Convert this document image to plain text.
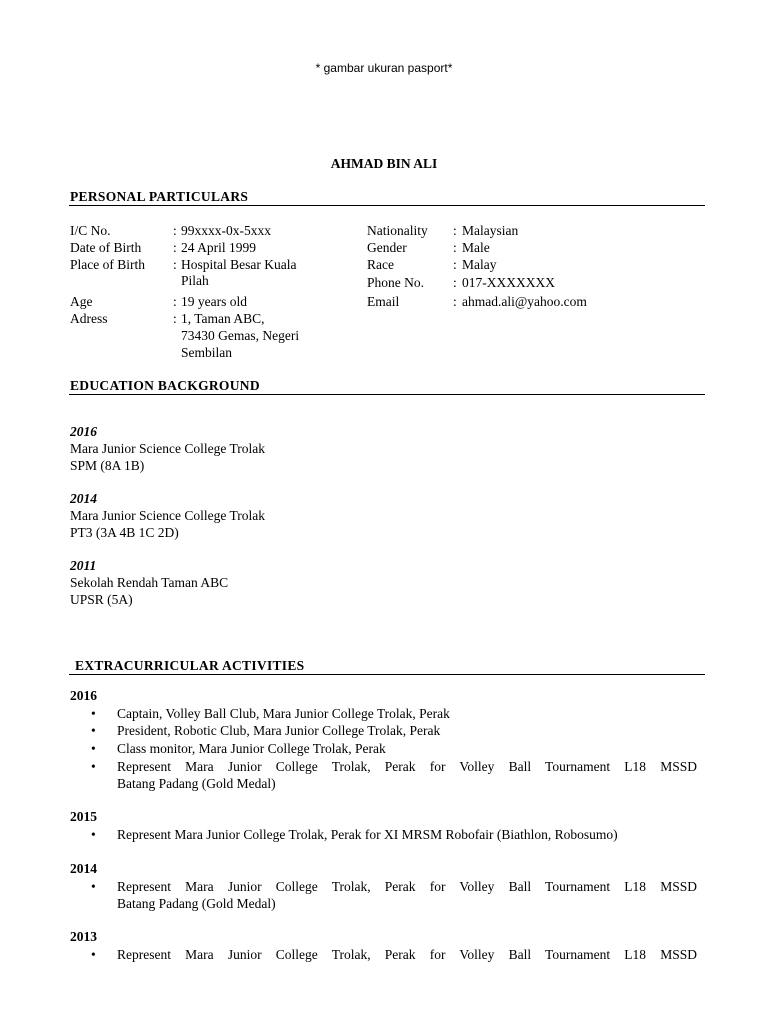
* gambar ukuran pasport*
AHMAD BIN ALI
PERSONAL PARTICULARS
I/C No.	: 99xxxx-0x-5xxx
Date of Birth : 24 April 1999
Place of Birth : Hospital Besar Kuala
Pilah
Age	: 19 years old
Adress	: 1, Taman ABC,
73430 Gemas, Negeri
Sembilan
Nationality : Malaysian
Gender	: Male
Race	: Malay
Phone No. : 017-XXXXXXX
Email	: ahmad.ali@yahoo.com
EDUCATION BACKGROUND
2016
Mara Junior Science College Trolak
SPM (8A 1B)
2014
Mara Junior Science College Trolak
PT3 (3A 4B 1C 2D)
2011
Sekolah Rendah Taman ABC
UPSR (5A)
EXTRACURRICULAR ACTIVITIES
2016
• Captain, Volley Ball Club, Mara Junior College Trolak, Perak
• President, Robotic Club, Mara Junior College Trolak, Perak
• Class monitor, Mara Junior College Trolak, Perak
• Represent Mara Junior College Trolak, Perak for Volley Ball Tournament L18 MSSD
Batang Padang (Gold Medal)
2015
• Represent Mara Junior College Trolak, Perak for XI MRSM Robofair (Biathlon, Robosumo)
2014
• Represent Mara Junior College Trolak, Perak for Volley Ball Tournament L18 MSSD
Batang Padang (Gold Medal)
2013
• Represent Mara Junior College Trolak, Perak for Volley Ball Tournament L18 MSSD
